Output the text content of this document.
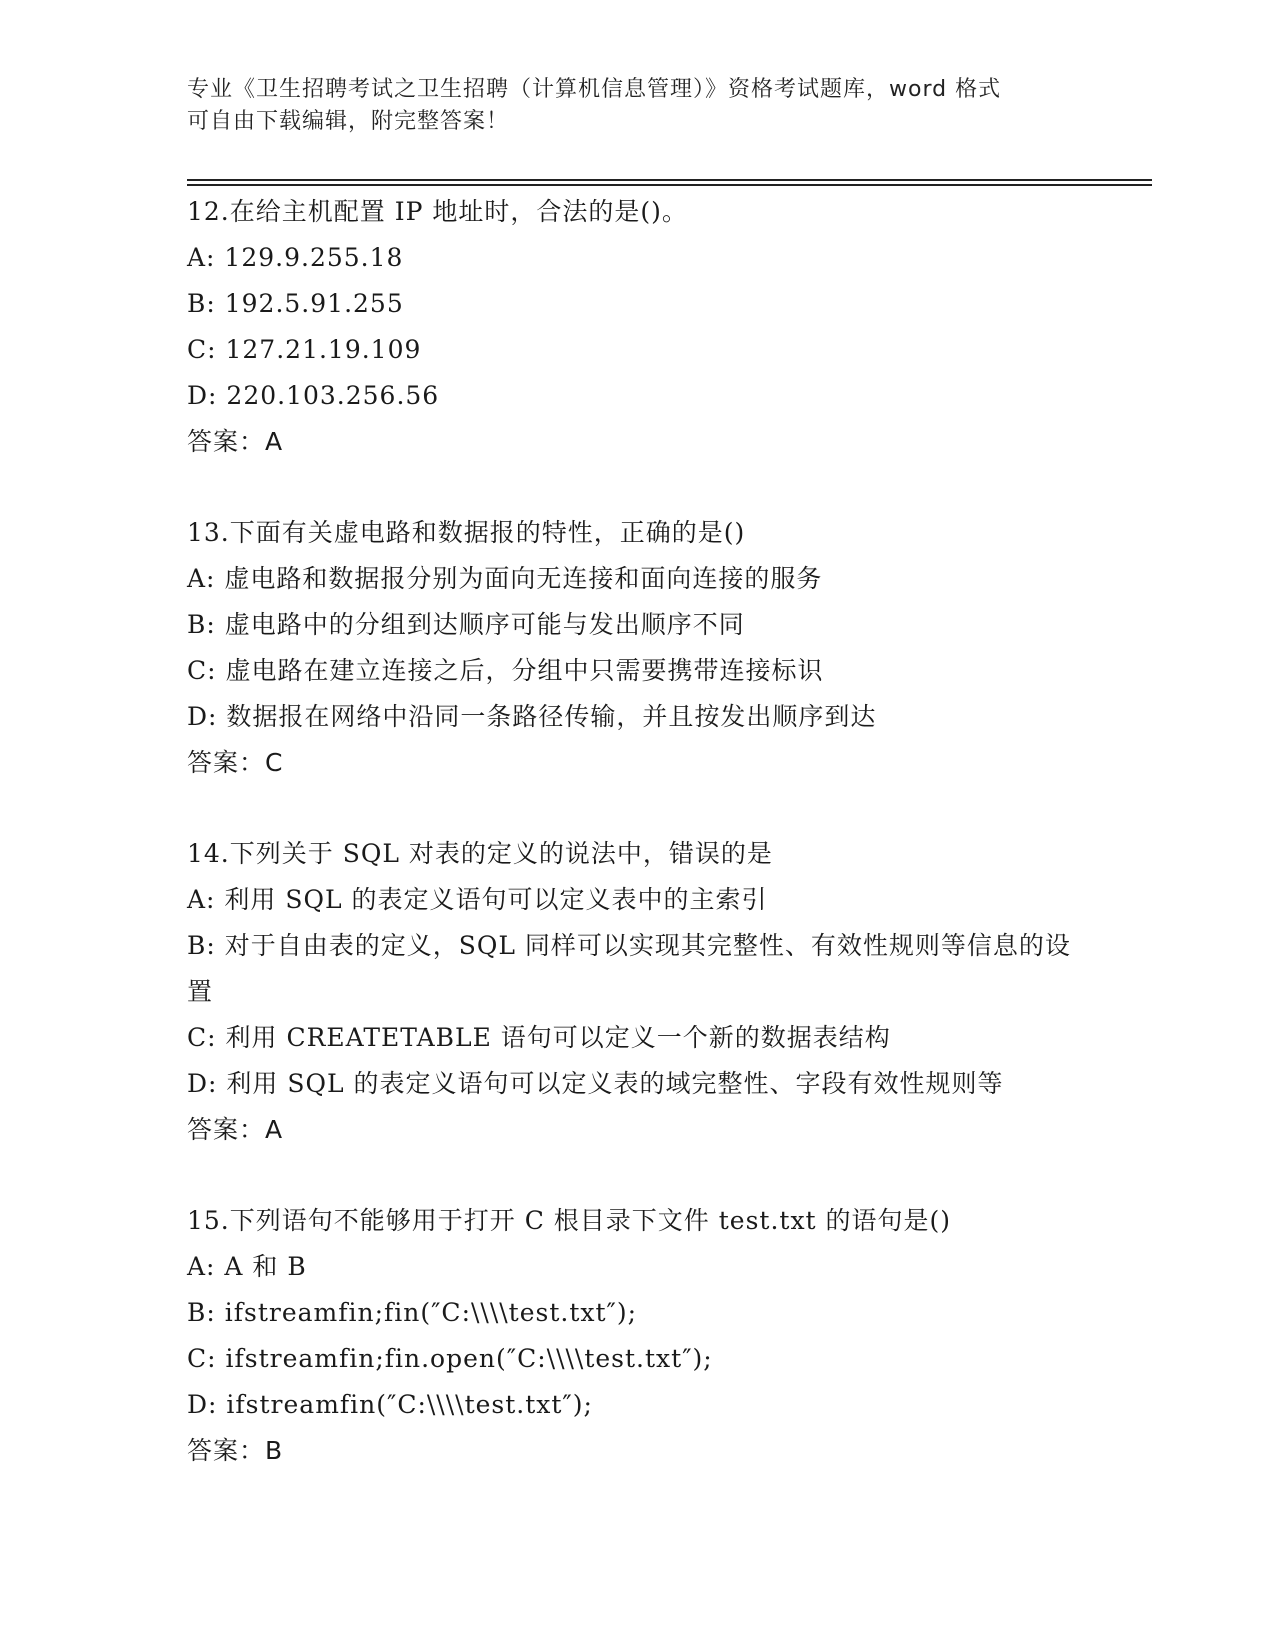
专业《卫生招聘考试之卫生招聘（计算机信息管理）》资格考试题库，word 格式

可自由下载编辑，附完整答案！

12.在给主机配置 IP 地址时，合法的是()。

A: 129.9.255.18

B: 192.5.91.255

C: 127.21.19.109

D: 220.103.256.56

答案：A

13.下面有关虚电路和数据报的特性，正确的是()

A: 虚电路和数据报分别为面向无连接和面向连接的服务

B: 虚电路中的分组到达顺序可能与发出顺序不同

C: 虚电路在建立连接之后，分组中只需要携带连接标识

D: 数据报在网络中沿同一条路径传输，并且按发出顺序到达

答案：C

14.下列关于 SQL 对表的定义的说法中，错误的是

A: 利用 SQL 的表定义语句可以定义表中的主索引

B: 对于自由表的定义，SQL 同样可以实现其完整性、有效性规则等信息的设置

C: 利用 CREATETABLE 语句可以定义一个新的数据表结构

D: 利用 SQL 的表定义语句可以定义表的域完整性、字段有效性规则等

答案：A

15.下列语句不能够用于打开 C 根目录下文件 test.txt 的语句是()

A: A 和 B

B: ifstreamfin;fin(″C:\\\\test.txt″);

C: ifstreamfin;fin.open(″C:\\\\test.txt″);

D: ifstreamfin(″C:\\\\test.txt″);

答案：B
